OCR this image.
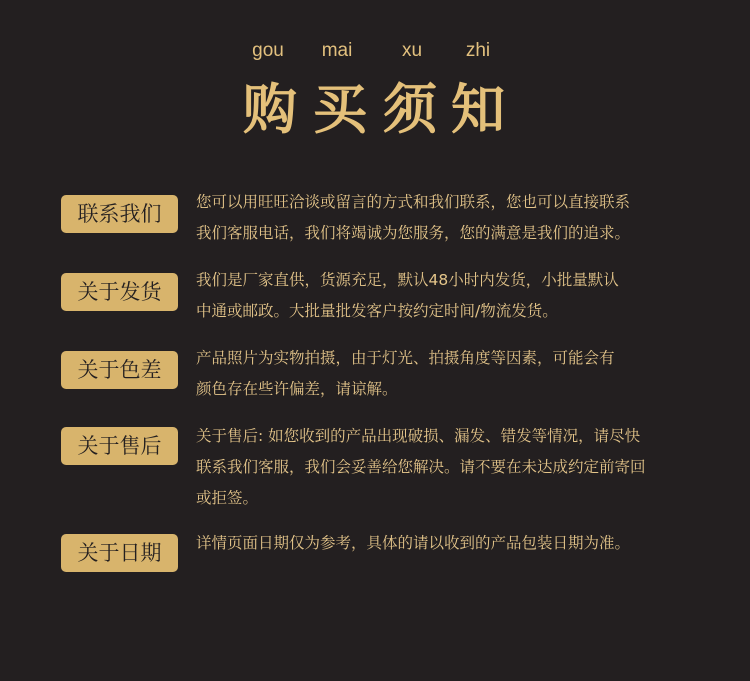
gou mai	xu zhi
购 买 须 知
联系我们	您可以用旺旺洽谈或留言的方式和我们联系，您也可以直接联系
我们客服电话，我们将竭诚为您服务，您的满意是我们的追求。
关于发货	我们是厂家直供，货源充足，默认48小时内发货，小批量默认
中通或邮政。大批量批发客户按约定时间/物流发货。
关于色差	产品照片为实物拍摄，由于灯光、拍摄角度等因素，可能会有
颜色存在些许偏差，请谅解。
关于售后	关于售后: 如您收到的产品出现破损、漏发、错发等情况，请尽快
联系我们客服，我们会妥善给您解决。请不要在未达成约定前寄回
或拒签。
关于日期	详情页面日期仅为参考，具体的请以收到的产品包装日期为准。
